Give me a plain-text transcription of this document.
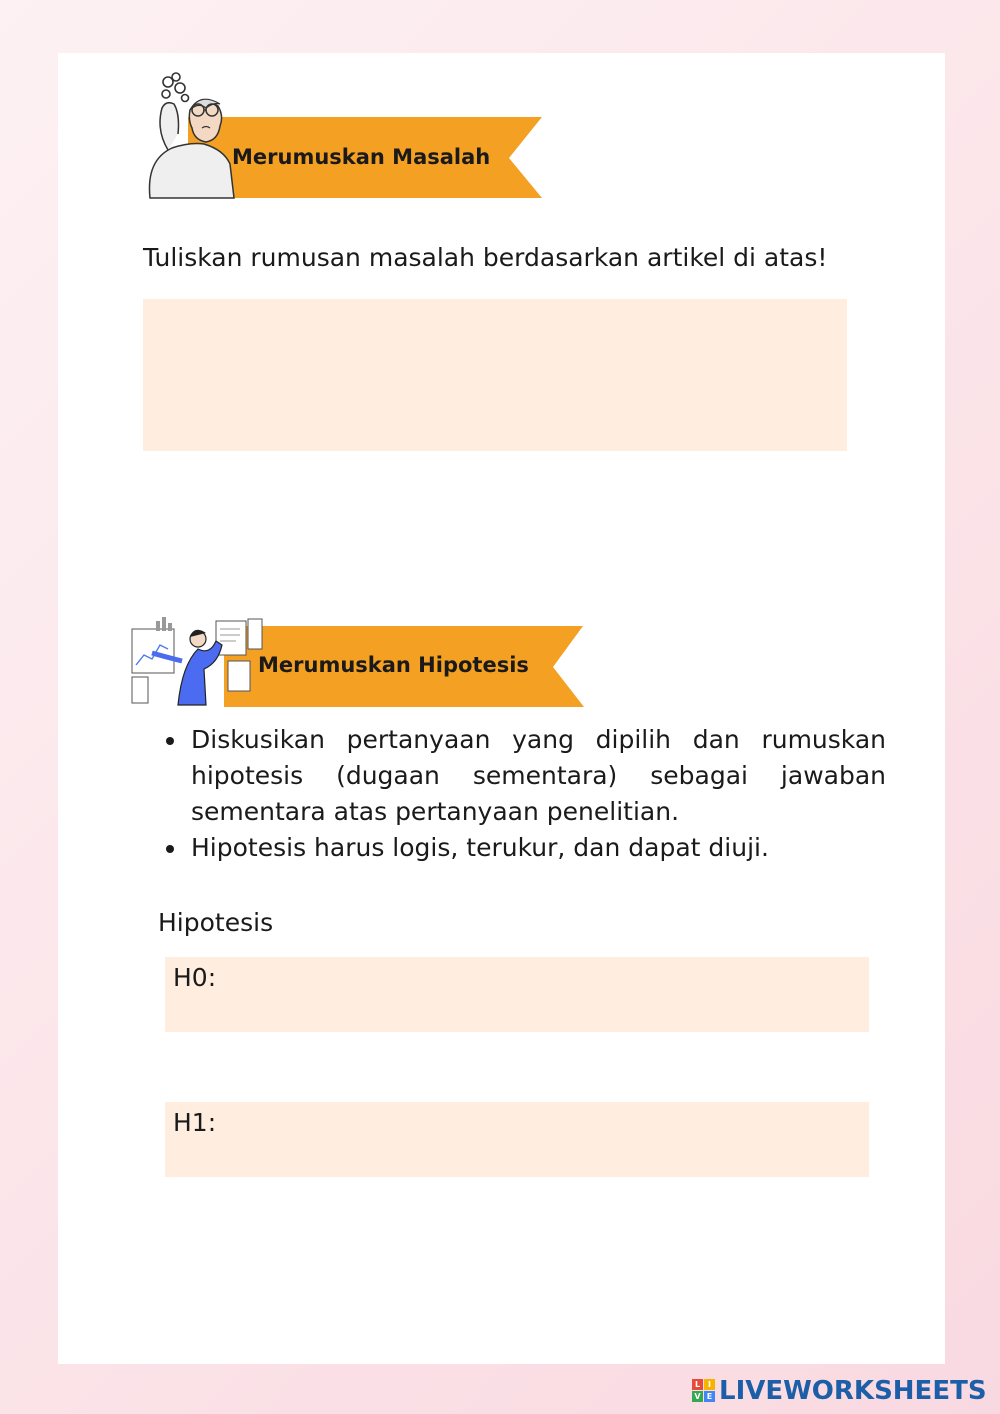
Merumuskan Masalah
Tuliskan rumusan masalah berdasarkan artikel di atas!
Merumuskan Hipotesis
Diskusikan pertanyaan yang dipilih dan rumuskan hipotesis (dugaan sementara) sebagai jawaban sementara atas pertanyaan penelitian.
Hipotesis harus logis, terukur, dan dapat diuji.
Hipotesis
H0:
H1:
L I
V E LIVEWORKSHEETS
